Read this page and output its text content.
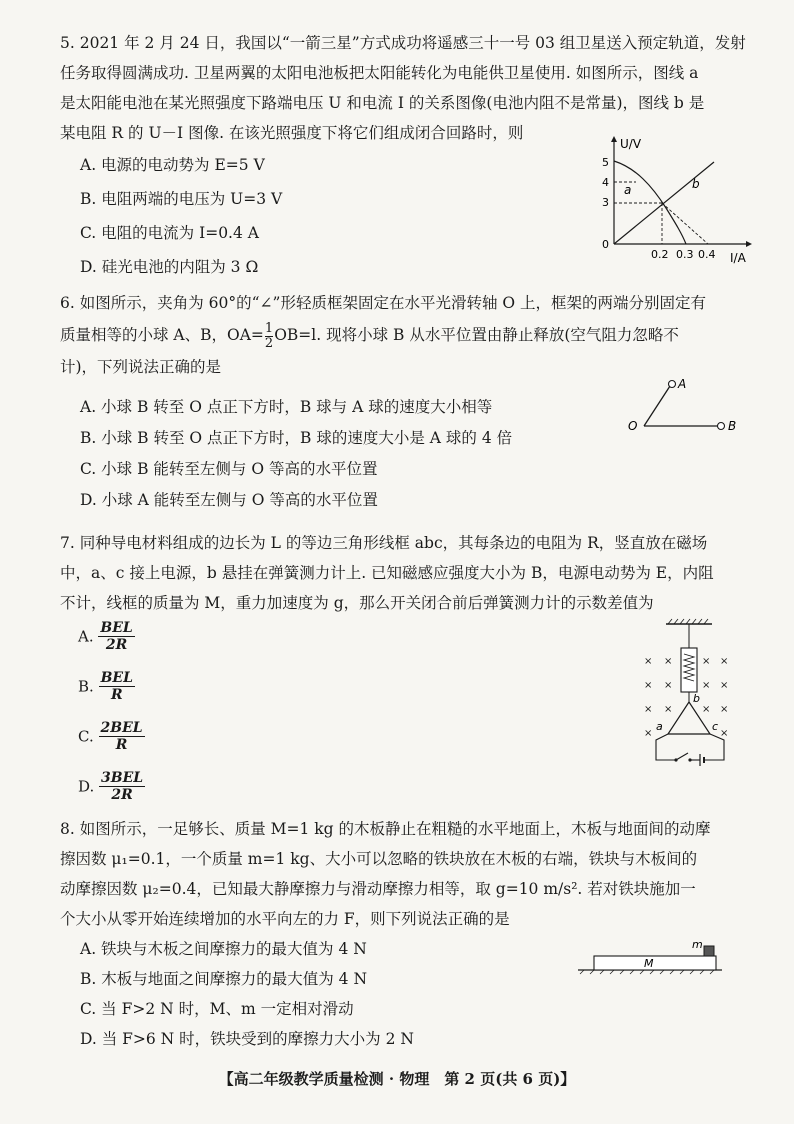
5. 2021 年 2 月 24 日，我国以“一箭三星”方式成功将遥感三十一号 03 组卫星送入预定轨道，发射

任务取得圆满成功. 卫星两翼的太阳电池板把太阳能转化为电能供卫星使用. 如图所示，图线 a

是太阳能电池在某光照强度下路端电压 U 和电流 I 的关系图像(电池内阻不是常量)，图线 b 是

某电阻 R 的 U－I 图像. 在该光照强度下将它们组成闭合回路时，则

A. 电源的电动势为 E=5 V

B. 电阻两端的电压为 U=3 V

C. 电阻的电流为 I=0.4 A

D. 硅光电池的内阻为 3 Ω

U/V
I/A
0
5
4
3
0.2 0.3 0.4
b
a

6. 如图所示，夹角为 60°的“∠”形轻质框架固定在水平光滑转轴 O 上，框架的两端分别固定有

质量相等的小球 A、B，$OA= \frac{1}{2}OB=l$. 现将小球 B 从水平位置由静止释放(空气阻力忽略不

计)，下列说法正确的是

A. 小球 B 转至 O 点正下方时，B 球与 A 球的速度大小相等

B. 小球 B 转至 O 点正下方时，B 球的速度大小是 A 球的 4 倍

C. 小球 B 能转至左侧与 O 等高的水平位置

D. 小球 A 能转至左侧与 O 等高的水平位置

A
O	B

7. 同种导电材料组成的边长为 L 的等边三角形线框 abc，其每条边的电阻为 R，竖直放在磁场

中，a、c 接上电源，b 悬挂在弹簧测力计上. 已知磁感应强度大小为 B，电源电动势为 E，内阻

不计，线框的质量为 M，重力加速度为 g，那么开关闭合前后弹簧测力计的示数差值为

A. $\frac{\text{BEL}}{2R}$
B. $\frac{\text{BEL}}{R}$
C. $\frac{\text{2BEL}}{R}$
D. $\frac{\text{3BEL}}{2R}$
× ×	× ×
× ×	× ×
× ×	× ×
×	×
b
a	c

8. 如图所示，一足够长、质量 M=1 kg 的木板静止在粗糙的水平地面上，木板与地面间的动摩

擦因数 μ₁=0.1，一个质量 m=1 kg、大小可以忽略的铁块放在木板的右端，铁块与木板间的

动摩擦因数 μ₂=0.4，已知最大静摩擦力与滑动摩擦力相等，取 g=10 m/s². 若对铁块施加一

个大小从零开始连续增加的水平向左的力 F，则下列说法正确的是

A. 铁块与木板之间摩擦力的最大值为 4 N

B. 木板与地面之间摩擦力的最大值为 4 N

C. 当 F>2 N 时，M、m 一定相对滑动

D. 当 F>6 N 时，铁块受到的摩擦力大小为 2 N

M
m
【高二年级教学质量检测 · 物理　第 2 页(共 6 页)】
